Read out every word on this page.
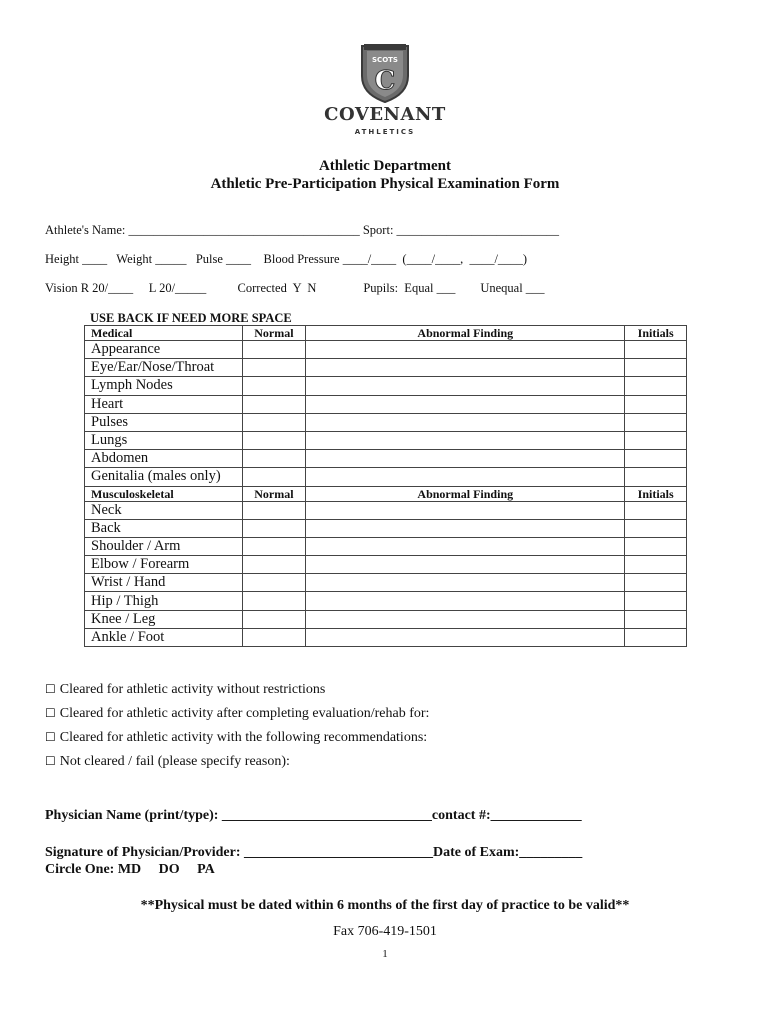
SCOTS
C
COVENANT
ATHLETICS
Athletic Department
Athletic Pre-Participation Physical Examination Form
Athlete's Name: _____________________________________ Sport: __________________________
Height ____   Weight _____   Pulse ____    Blood Pressure ____/____  (____/____,  ____/____)
Vision R 20/____     L 20/_____          Corrected  Y  N               Pupils:  Equal ___        Unequal ___
USE BACK IF NEED MORE SPACE
Medical	Normal	Abnormal Finding	Initials
Appearance			
Eye/Ear/Nose/Throat			
Lymph Nodes			
Heart			
Pulses			
Lungs			
Abdomen			
Genitalia (males only)			
Musculoskeletal	Normal	Abnormal Finding	Initials
Neck			
Back			
Shoulder / Arm			
Elbow / Forearm			
Wrist / Hand			
Hip / Thigh			
Knee / Leg			
Ankle / Foot			
☐ Cleared for athletic activity without restrictions
☐ Cleared for athletic activity after completing evaluation/rehab for:
☐ Cleared for athletic activity with the following recommendations:
☐ Not cleared / fail (please specify reason):
Physician Name (print/type): ______________________________contact #:_____________
Signature of Physician/Provider: ___________________________Date of Exam:_________
Circle One: MD     DO     PA
**Physical must be dated within 6 months of the first day of practice to be valid**
Fax 706-419-1501
1
